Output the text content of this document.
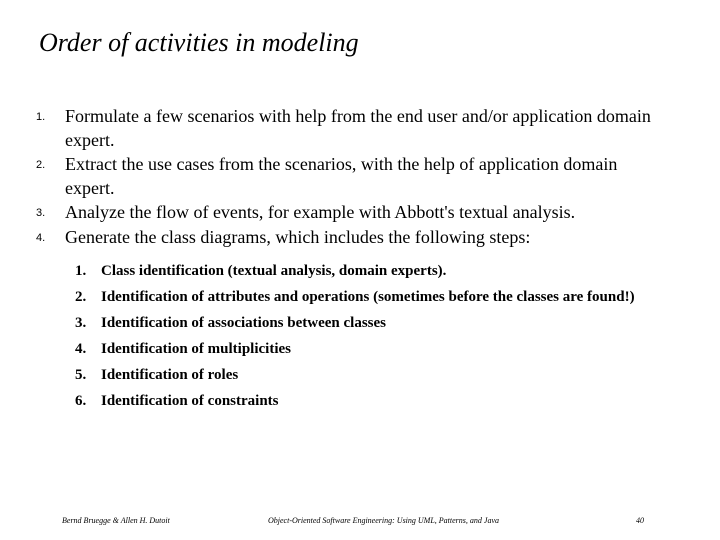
Order of activities in modeling
1. Formulate a few scenarios with help from the end user and/or application domain expert.
2. Extract the use cases from the scenarios, with the help of application domain expert.
3. Analyze the flow of events, for example with Abbott's textual analysis.
4. Generate the class diagrams, which includes the following steps:
1. Class identification (textual analysis, domain experts).
2. Identification of attributes and operations (sometimes before the classes are found!)
3. Identification of associations between classes
4. Identification of multiplicities
5. Identification of roles
6. Identification of constraints
Bernd Bruegge & Allen H. Dutoit	Object-Oriented Software Engineering: Using UML, Patterns, and Java	40
